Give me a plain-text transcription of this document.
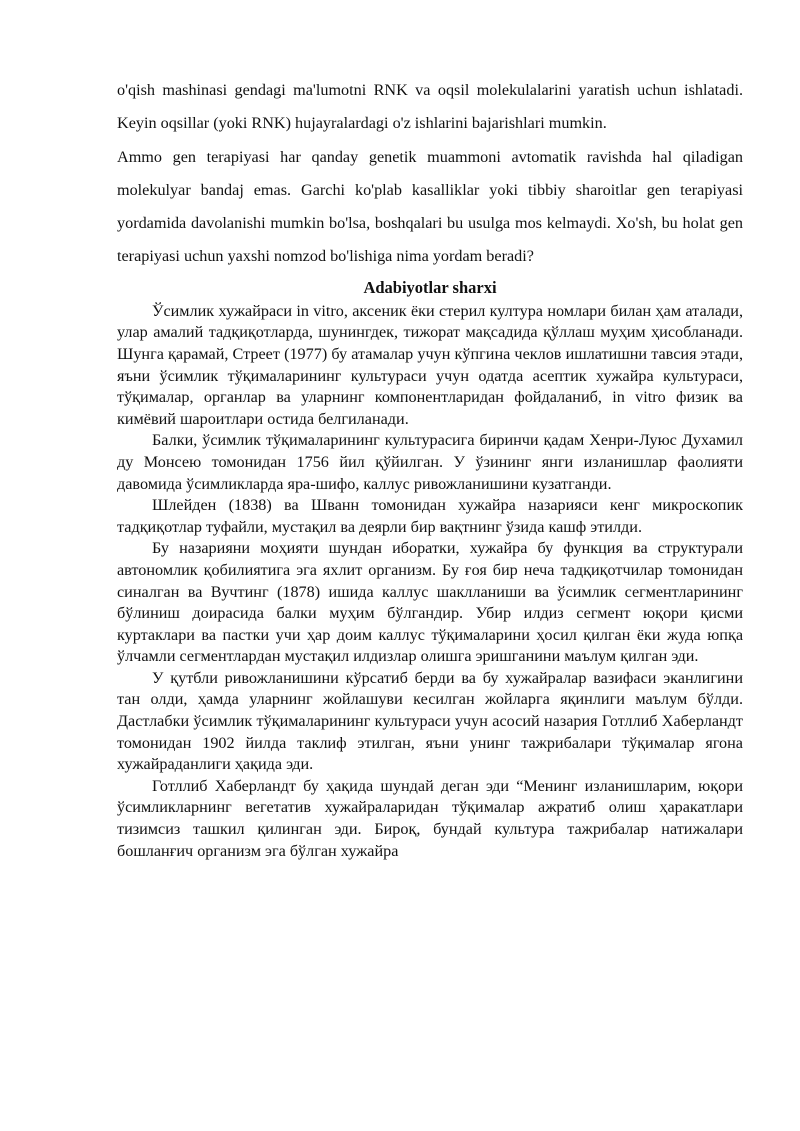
o'qish mashinasi gendagi ma'lumotni RNK va oqsil molekulalarini yaratish uchun ishlatadi. Keyin oqsillar (yoki RNK) hujayralardagi o'z ishlarini bajarishlari mumkin.

Ammo gen terapiyasi har qanday genetik muammoni avtomatik ravishda hal qiladigan molekulyar bandaj emas. Garchi ko'plab kasalliklar yoki tibbiy sharoitlar gen terapiyasi yordamida davolanishi mumkin bo'lsa, boshqalari bu usulga mos kelmaydi. Xo'sh, bu holat gen terapiyasi uchun yaxshi nomzod bo'lishiga nima yordam beradi?

Adabiyotlar sharxi

Ўсимлик хужайраси in vitro, аксеник ёки стерил култура номлари билан ҳам аталади, улар амалий тадқиқотларда, шунингдек, тижорат мақсадида қўллаш муҳим ҳисобланади. Шунга қарамай, Стреет (1977) бу атамалар учун кўпгина чеклов ишлатишни тавсия этади, яъни ўсимлик тўқималарининг культураси учун одатда асептик хужайра культураси, тўқималар, органлар ва уларнинг компонентларидан фойдаланиб, in vitro физик ва кимёвий шароитлари остида белгиланади.

Балки, ўсимлик тўқималарининг культурасига биринчи қадам Хенри-Луюс Духамил ду Монсею томонидан 1756 йил қўйилган. У ўзининг янги изланишлар фаолияти давомида ўсимликларда яра-шифо, каллус ривожланишини кузатганди.

Шлейден (1838) ва Шванн томонидан хужайра назарияси кенг микроскопик тадқиқотлар туфайли, мустақил ва деярли бир вақтнинг ўзида кашф этилди.

Бу назарияни моҳияти шундан иборатки, хужайра бу функция ва структурали автономлик қобилиятига эга яхлит организм. Бу ғоя бир неча тадқиқотчилар томонидан синалган ва Вучтинг (1878) ишида каллус шаклланиши ва ўсимлик сегментларининг бўлиниш доирасида балки муҳим бўлгандир. Убир илдиз сегмент юқори қисми куртаклари ва пастки учи ҳар доим каллус тўқималарини ҳосил қилган ёки жуда юпқа ўлчамли сегментлардан мустақил илдизлар олишга эришганини маълум қилган эди.

У қутбли ривожланишини кўрсатиб берди ва бу хужайралар вазифаси эканлигини тан олди, ҳамда уларнинг жойлашуви кесилган жойларга яқинлиги маълум бўлди. Дастлабки ўсимлик тўқималарининг культураси учун асосий назария Готллиб Хаберландт томонидан 1902 йилда таклиф этилган, яъни унинг тажрибалари тўқималар ягона хужайраданлиги ҳақида эди.

Готллиб Хаберландт бу ҳақида шундай деган эди “Менинг изланишларим, юқори ўсимликларнинг вегетатив хужайраларидан тўқималар ажратиб олиш ҳаракатлари тизимсиз ташкил қилинган эди. Бироқ, бундай культура тажрибалар натижалари бошланғич организм эга бўлган хужайра
